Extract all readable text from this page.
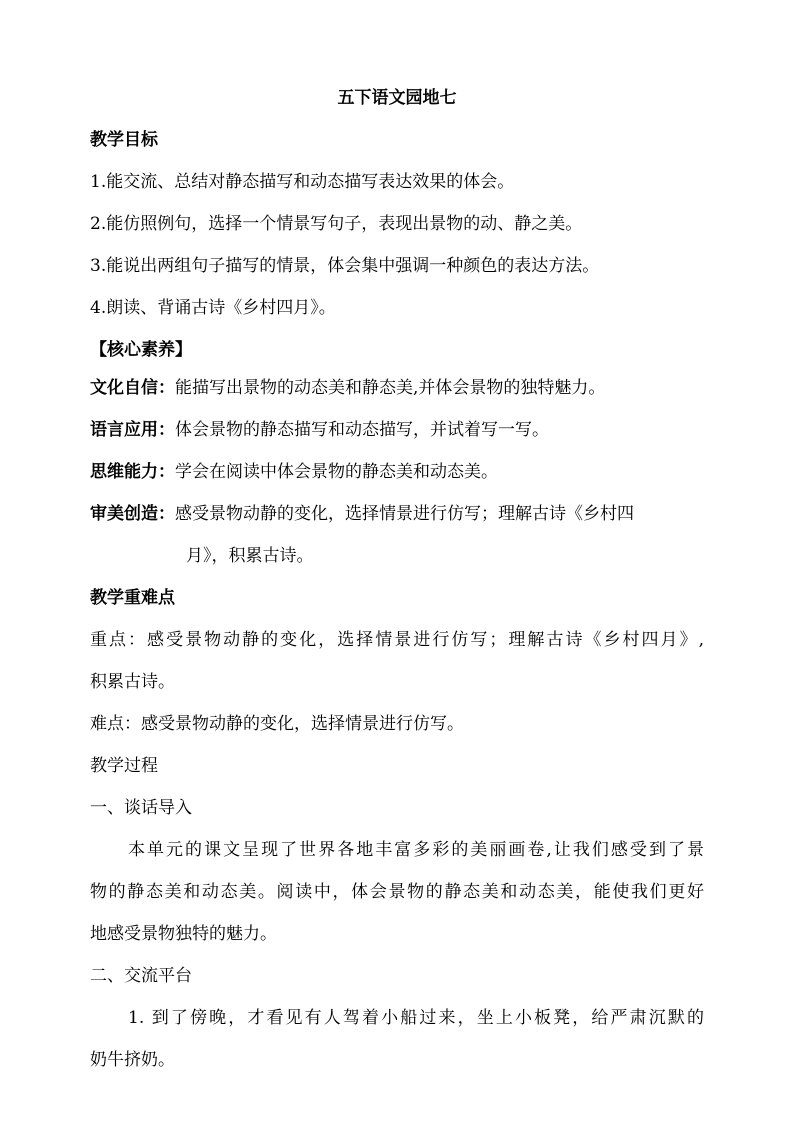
五下语文园地七

教学目标

1.能交流、总结对静态描写和动态描写表达效果的体会。

2.能仿照例句，选择一个情景写句子，表现出景物的动、静之美。

3.能说出两组句子描写的情景，体会集中强调一种颜色的表达方法。

4.朗读、背诵古诗《乡村四月》。

【核心素养】

文化自信：能描写出景物的动态美和静态美,并体会景物的独特魅力。

语言应用：体会景物的静态描写和动态描写，并试着写一写。

思维能力：学会在阅读中体会景物的静态美和动态美。

审美创造：感受景物动静的变化，选择情景进行仿写；理解古诗《乡村四

月》，积累古诗。

教学重难点

重点：感受景物动静的变化，选择情景进行仿写；理解古诗《乡村四月》,

积累古诗。

难点：感受景物动静的变化，选择情景进行仿写。

教学过程

一、谈话导入

本单元的课文呈现了世界各地丰富多彩的美丽画卷,让我们感受到了景

物的静态美和动态美。阅读中，体会景物的静态美和动态美，能使我们更好

地感受景物独特的魅力。

二、交流平台

1. 到了傍晚，才看见有人驾着小船过来，坐上小板凳，给严肃沉默的

奶牛挤奶。
